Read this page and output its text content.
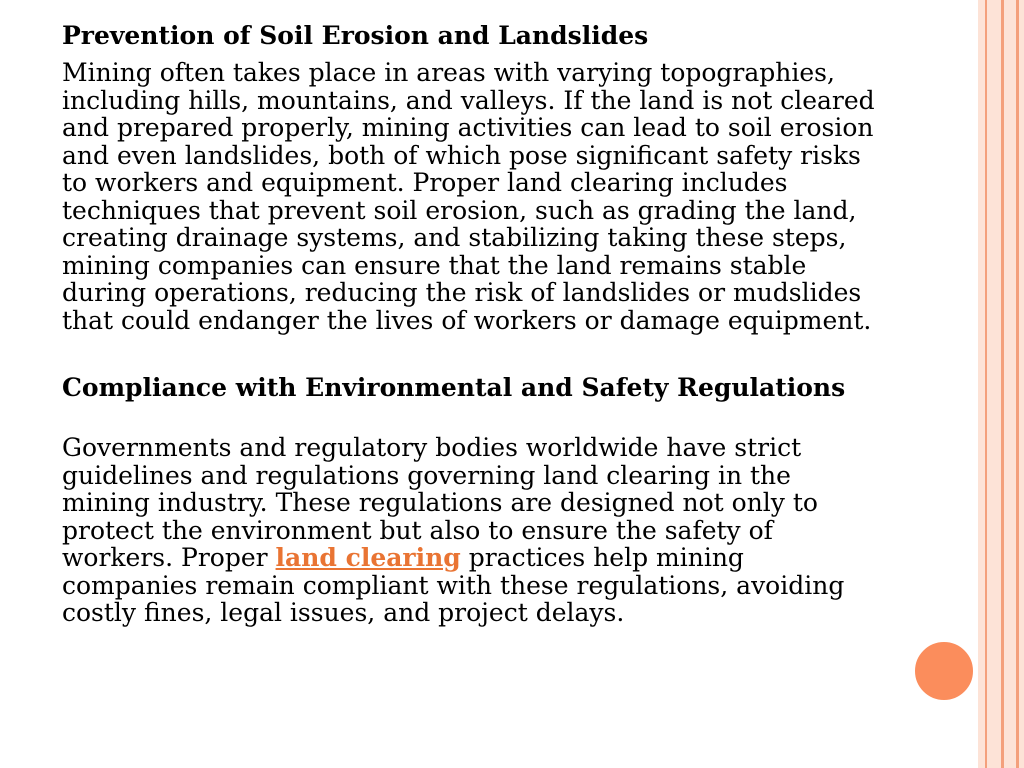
Prevention of Soil Erosion and Landslides

Mining often takes place in areas with varying topographies, including hills, mountains, and valleys. If the land is not cleared and prepared properly, mining activities can lead to soil erosion and even landslides, both of which pose significant safety risks to workers and equipment. Proper land clearing includes techniques that prevent soil erosion, such as grading the land, creating drainage systems, and stabilizing taking these steps, mining companies can ensure that the land remains stable during operations, reducing the risk of landslides or mudslides that could endanger the lives of workers or damage equipment.

Compliance with Environmental and Safety Regulations

Governments and regulatory bodies worldwide have strict guidelines and regulations governing land clearing in the mining industry. These regulations are designed not only to protect the environment but also to ensure the safety of workers. Proper land clearing practices help mining companies remain compliant with these regulations, avoiding costly fines, legal issues, and project delays.
